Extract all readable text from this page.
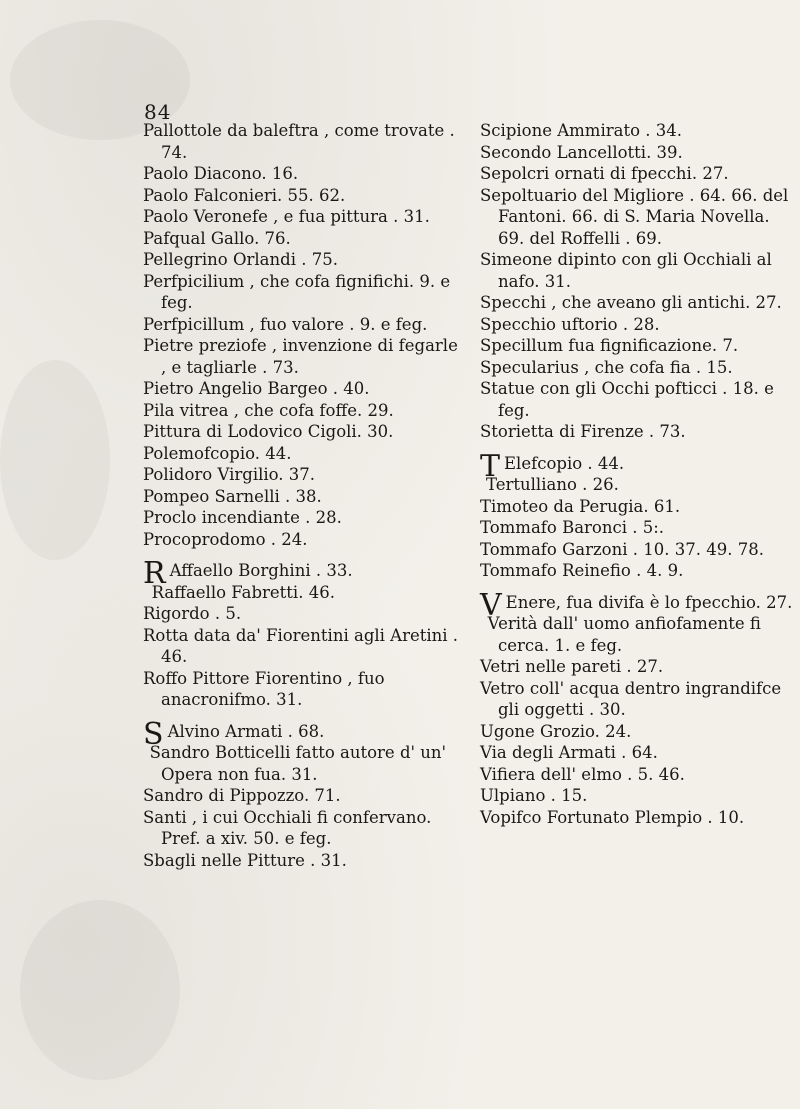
84
Pallottole da baleftra , come trovate . 74.
Paolo Diacono. 16.
Paolo Falconieri. 55. 62.
Paolo Veronefe , e fua pittura . 31.
Pafqual Gallo. 76.
Pellegrino Orlandi . 75.
Perfpicilium , che cofa fignifichi. 9. e feg.
Perfpicillum , fuo valore . 9. e feg.
Pietre preziofe , invenzione di fegarle , e tagliarle . 73.
Pietro Angelio Bargeo . 40.
Pila vitrea , che cofa foffe. 29.
Pittura di Lodovico Cigoli. 30.
Polemofcopio. 44.
Polidoro Virgilio. 37.
Pompeo Sarnelli . 38.
Proclo incendiante . 28.
Procoprodomo . 24.
R Affaello Borghini . 33.
Raffaello Fabretti. 46.
Rigordo . 5.
Rotta data da' Fiorentini agli Aretini . 46.
Roffo Pittore Fiorentino , fuo anacronifmo. 31.
S Alvino Armati . 68.
Sandro Botticelli fatto autore d' un' Opera non fua. 31.
Sandro di Pippozzo. 71.
Santi , i cui Occhiali fi confervano. Pref. a xiv. 50. e feg.
Sbagli nelle Pitture . 31.
Scipione Ammirato . 34.
Secondo Lancellotti. 39.
Sepolcri ornati di fpecchi. 27.
Sepoltuario del Migliore . 64. 66. del Fantoni. 66. di S. Maria Novella. 69. del Roffelli . 69.
Simeone dipinto con gli Occhiali al nafo. 31.
Specchi , che aveano gli antichi. 27.
Specchio uftorio . 28.
Specillum fua fignificazione. 7.
Specularius , che cofa fia . 15.
Statue con gli Occhi pofticci . 18. e feg.
Storietta di Firenze . 73.
T Elefcopio . 44.
Tertulliano . 26.
Timoteo da Perugia. 61.
Tommafo Baronci . 5:.
Tommafo Garzoni . 10. 37. 49. 78.
Tommafo Reinefio . 4. 9.
V Enere, fua divifa è lo fpecchio. 27.
Verità dall' uomo anfiofamente fi cerca. 1. e feg.
Vetri nelle pareti . 27.
Vetro coll' acqua dentro ingrandifce gli oggetti . 30.
Ugone Grozio. 24.
Via degli Armati . 64.
Vifiera dell' elmo . 5. 46.
Ulpiano . 15.
Vopifco Fortunato Plempio . 10.
